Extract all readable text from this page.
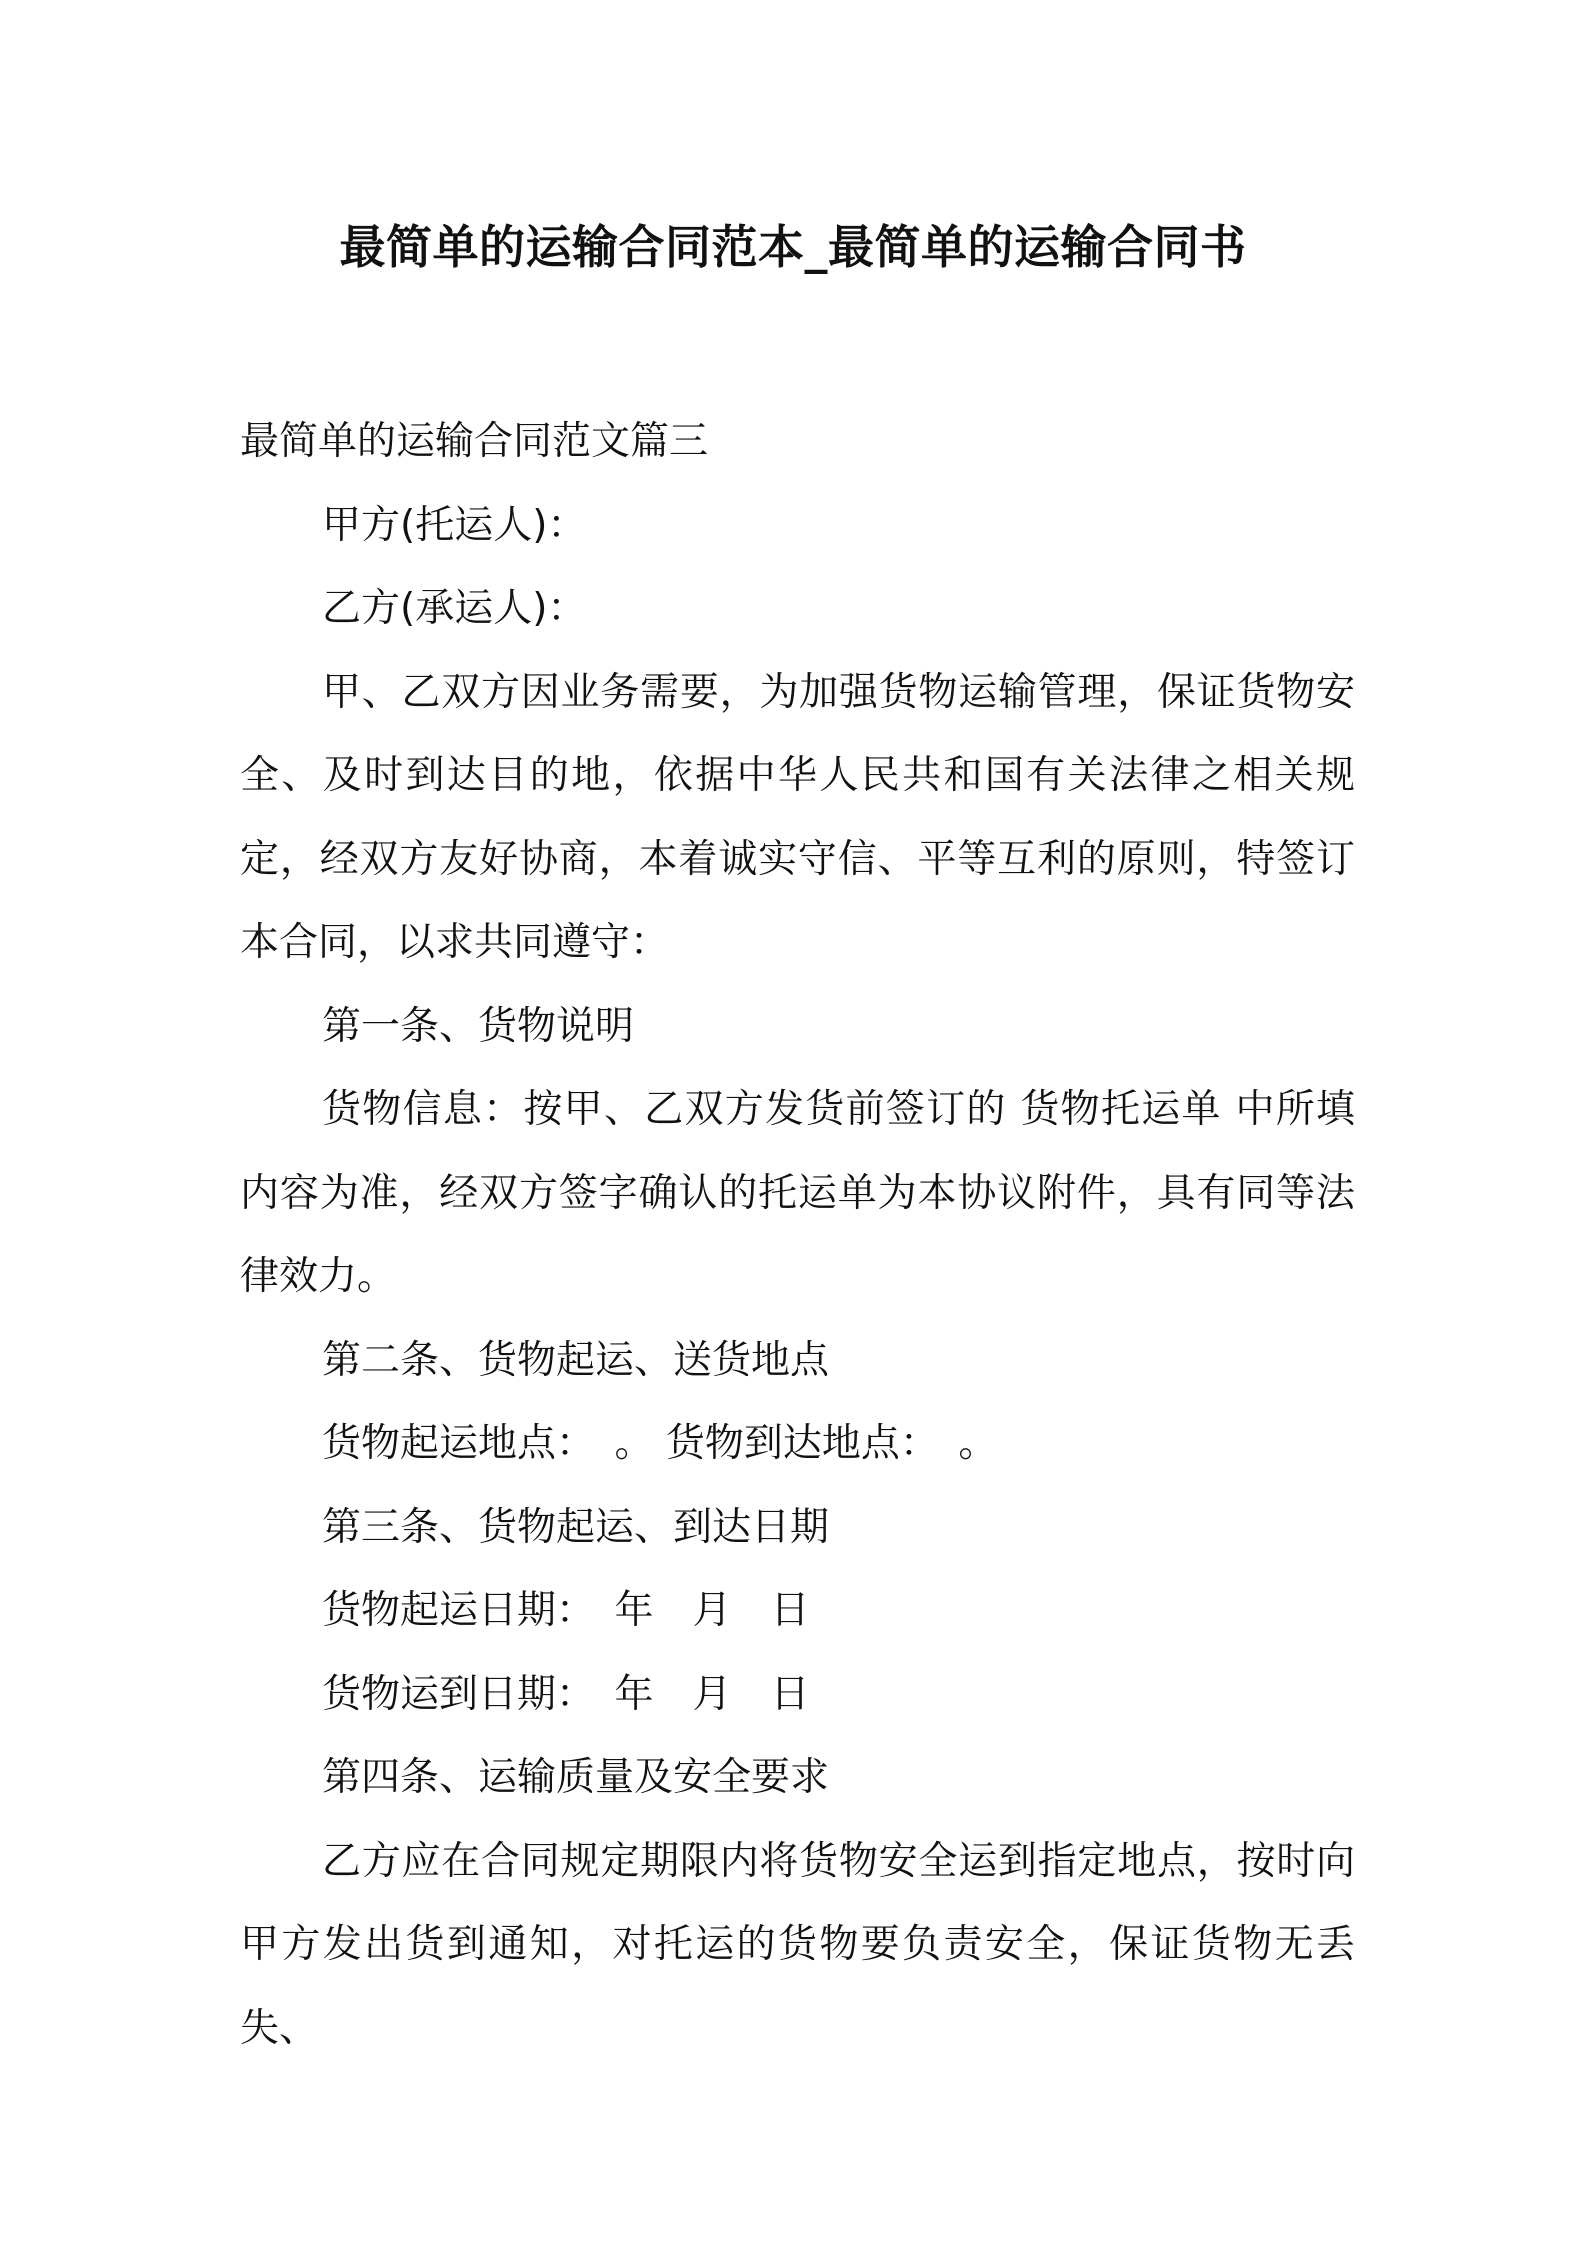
最简单的运输合同范本_最简单的运输合同书

最简单的运输合同范文篇三

甲方(托运人)：

乙方(承运人)：

甲、乙双方因业务需要，为加强货物运输管理，保证货物安全、及时到达目的地，依据中华人民共和国有关法律之相关规定，经双方友好协商，本着诚实守信、平等互利的原则，特签订本合同，以求共同遵守：

第一条、货物说明

货物信息：按甲、乙双方发货前签订的 货物托运单 中所填内容为准，经双方签字确认的托运单为本协议附件，具有同等法律效力。

第二条、货物起运、送货地点

货物起运地点：　。 货物到达地点：　。

第三条、货物起运、到达日期

货物起运日期：　年　月　日

货物运到日期：　年　月　日

第四条、运输质量及安全要求

乙方应在合同规定期限内将货物安全运到指定地点，按时向甲方发出货到通知，对托运的货物要负责安全，保证货物无丢失、
